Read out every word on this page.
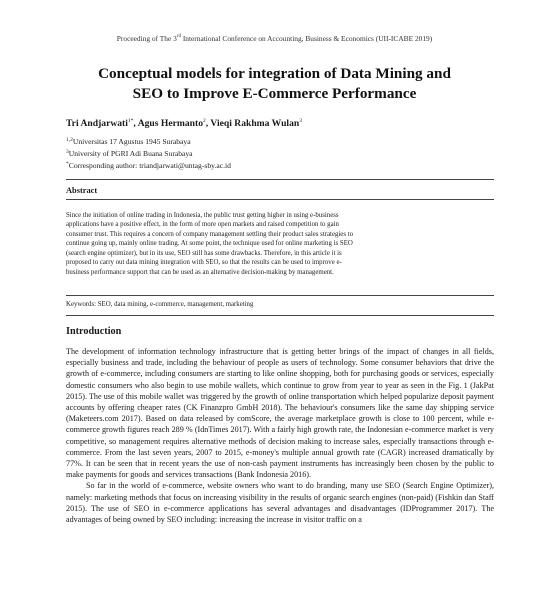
Proceeding of The 3rd International Conference on Accounting, Business & Economics (UII-ICABE 2019)
Conceptual models for integration of Data Mining and
SEO to Improve E-Commerce Performance
Tri Andjarwati$^{1*}$, Agus Hermanto$^2$, Vieqi Rakhma Wulan$^3$
$^{1,2}$Universitas 17 Agustus 1945 Surabaya
$^3$University of PGRI Adi Buana Surabaya
*Corresponding author: triandjarwati@untag-sby.ac.id
Abstract
Since the initiation of online trading in Indonesia, the public trust getting higher in using e-business
applications have a positive effect, in the form of more open markets and raised competition to gain
consumer trust. This requires a concern of company management settling their product sales strategies to
continue going up, mainly online trading. At some point, the technique used for online marketing is SEO
(search engine optimizer), but in its use, SEO still has some drawbacks. Therefore, in this article it is
proposed to carry out data mining integration with SEO, so that the results can be used to improve e-
business performance support that can be used as an alternative decision-making by management.
Keywords: SEO, data mining, e-commerce, management, marketing
Introduction

The development of information technology infrastructure that is getting better brings of the impact of changes in all fields, especially business and trade, including the behaviour of people as users of technology. Some consumer behaviors that drive the growth of e-commerce, including consumers are starting to like online shopping, both for purchasing goods or services, especially domestic consumers who also begin to use mobile wallets, which continue to grow from year to year as seen in the Fig. 1 (JakPat 2015). The use of this mobile wallet was triggered by the growth of online transportation which helped popularize deposit payment accounts by offering cheaper rates (CK Finanzpro GmbH 2018). The behaviour's consumers like the same day shipping service (Maketeers.com 2017). Based on data released by comScore, the average marketplace growth is close to 100 percent, while e-commerce growth figures reach 289 % (IdnTimes 2017). With a fairly high growth rate, the Indonesian e-commerce market is very competitive, so management requires alternative methods of decision making to increase sales, especially transactions through e-commerce. From the last seven years, 2007 to 2015, e-money's multiple annual growth rate (CAGR) increased dramatically by 77%. It can be seen that in recent years the use of non-cash payment instruments has increasingly been chosen by the public to make payments for goods and services transactions (Bank Indonesia 2016).

So far in the world of e-commerce, website owners who want to do branding, many use SEO (Search Engine Optimizer), namely: marketing methods that focus on increasing visibility in the results of organic search engines (non-paid) (Fishkin dan Staff 2015). The use of SEO in e-commerce applications has several advantages and disadvantages (IDProgrammer 2017). The advantages of being owned by SEO including: increasing the increase in visitor traffic on a
